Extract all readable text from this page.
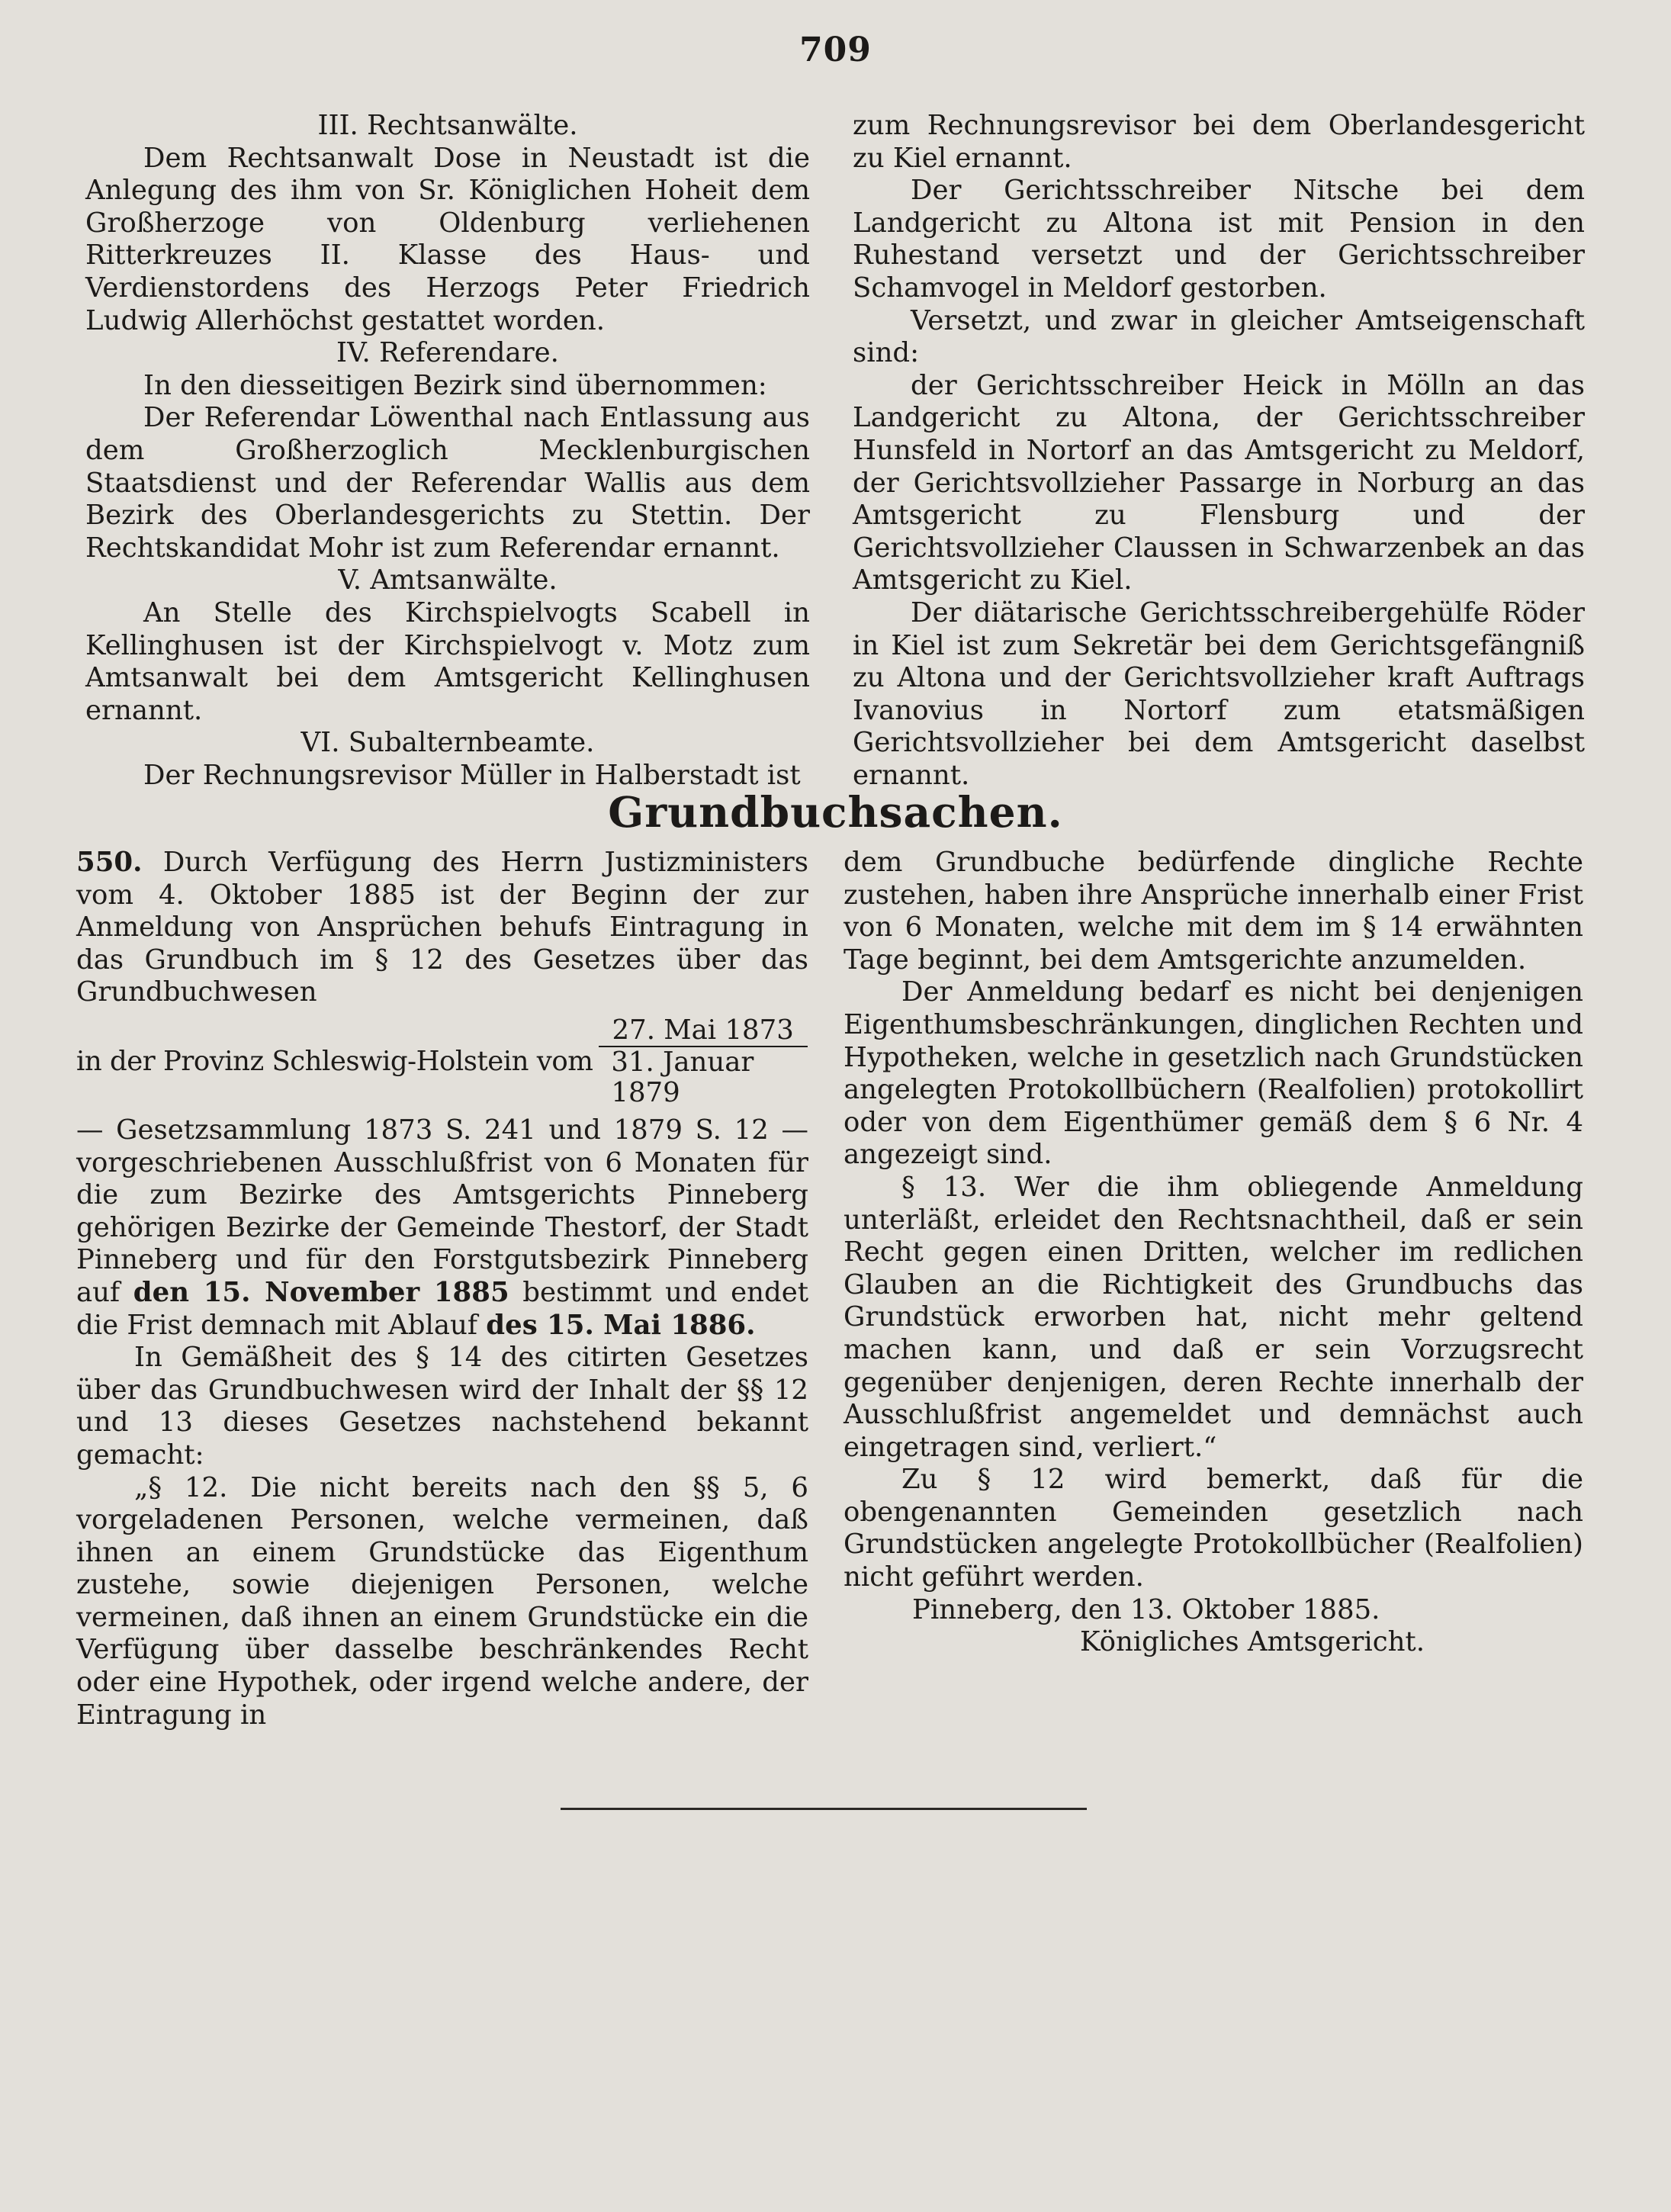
709

III. Rechtsanwälte.

Dem Rechtsanwalt Dose in Neustadt ist die Anlegung des ihm von Sr. Königlichen Hoheit dem Großherzoge von Oldenburg verliehenen Ritterkreuzes II. Klasse des Haus- und Verdienstordens des Herzogs Peter Friedrich Ludwig Allerhöchst gestattet worden.

IV. Referendare.

In den diesseitigen Bezirk sind übernommen:

Der Referendar Löwenthal nach Entlassung aus dem Großherzoglich Mecklenburgischen Staatsdienst und der Referendar Wallis aus dem Bezirk des Oberlandesgerichts zu Stettin. Der Rechtskandidat Mohr ist zum Referendar ernannt.

V. Amtsanwälte.

An Stelle des Kirchspielvogts Scabell in Kellinghusen ist der Kirchspielvogt v. Motz zum Amtsanwalt bei dem Amtsgericht Kellinghusen ernannt.

VI. Subalternbeamte.

Der Rechnungsrevisor Müller in Halberstadt ist

zum Rechnungsrevisor bei dem Oberlandesgericht zu Kiel ernannt.

Der Gerichtsschreiber Nitsche bei dem Landgericht zu Altona ist mit Pension in den Ruhestand versetzt und der Gerichtsschreiber Schamvogel in Meldorf gestorben.

Versetzt, und zwar in gleicher Amtseigenschaft sind:

der Gerichtsschreiber Heick in Mölln an das Landgericht zu Altona, der Gerichtsschreiber Hunsfeld in Nortorf an das Amtsgericht zu Meldorf, der Gerichtsvollzieher Passarge in Norburg an das Amtsgericht zu Flensburg und der Gerichtsvollzieher Claussen in Schwarzenbek an das Amtsgericht zu Kiel.

Der diätarische Gerichtsschreibergehülfe Röder in Kiel ist zum Sekretär bei dem Gerichtsgefängniß zu Altona und der Gerichtsvollzieher kraft Auftrags Ivanovius in Nortorf zum etatsmäßigen Gerichtsvollzieher bei dem Amtsgericht daselbst ernannt.

Grundbuchsachen.

550. Durch Verfügung des Herrn Justizministers vom 4. Oktober 1885 ist der Beginn der zur Anmeldung von Ansprüchen behufs Eintragung in das Grundbuch im § 12 des Gesetzes über das Grundbuchwesen

in der Provinz Schleswig-Holstein vom $\frac{\text{27. Mai 1873}}{\text{31. Januar 1879}}$

— Gesetzsammlung 1873 S. 241 und 1879 S. 12 — vorgeschriebenen Ausschlußfrist von 6 Monaten für die zum Bezirke des Amtsgerichts Pinneberg gehörigen Bezirke der Gemeinde Thestorf, der Stadt Pinneberg und für den Forstgutsbezirk Pinneberg auf den 15. November 1885 bestimmt und endet die Frist demnach mit Ablauf des 15. Mai 1886.

In Gemäßheit des § 14 des citirten Gesetzes über das Grundbuchwesen wird der Inhalt der §§ 12 und 13 dieses Gesetzes nachstehend bekannt gemacht:

„§ 12. Die nicht bereits nach den §§ 5, 6 vorgeladenen Personen, welche vermeinen, daß ihnen an einem Grundstücke das Eigenthum zustehe, sowie diejenigen Personen, welche vermeinen, daß ihnen an einem Grundstücke ein die Verfügung über dasselbe beschränkendes Recht oder eine Hypothek, oder irgend welche andere, der Eintragung in

dem Grundbuche bedürfende dingliche Rechte zustehen, haben ihre Ansprüche innerhalb einer Frist von 6 Monaten, welche mit dem im § 14 erwähnten Tage beginnt, bei dem Amtsgerichte anzumelden.

Der Anmeldung bedarf es nicht bei denjenigen Eigenthumsbeschränkungen, dinglichen Rechten und Hypotheken, welche in gesetzlich nach Grundstücken angelegten Protokollbüchern (Realfolien) protokollirt oder von dem Eigenthümer gemäß dem § 6 Nr. 4 angezeigt sind.

§ 13. Wer die ihm obliegende Anmeldung unterläßt, erleidet den Rechtsnachtheil, daß er sein Recht gegen einen Dritten, welcher im redlichen Glauben an die Richtigkeit des Grundbuchs das Grundstück erworben hat, nicht mehr geltend machen kann, und daß er sein Vorzugsrecht gegenüber denjenigen, deren Rechte innerhalb der Ausschlußfrist angemeldet und demnächst auch eingetragen sind, verliert.“

Zu § 12 wird bemerkt, daß für die obengenannten Gemeinden gesetzlich nach Grundstücken angelegte Protokollbücher (Realfolien) nicht geführt werden.

Pinneberg, den 13. Oktober 1885.

Königliches Amtsgericht.
